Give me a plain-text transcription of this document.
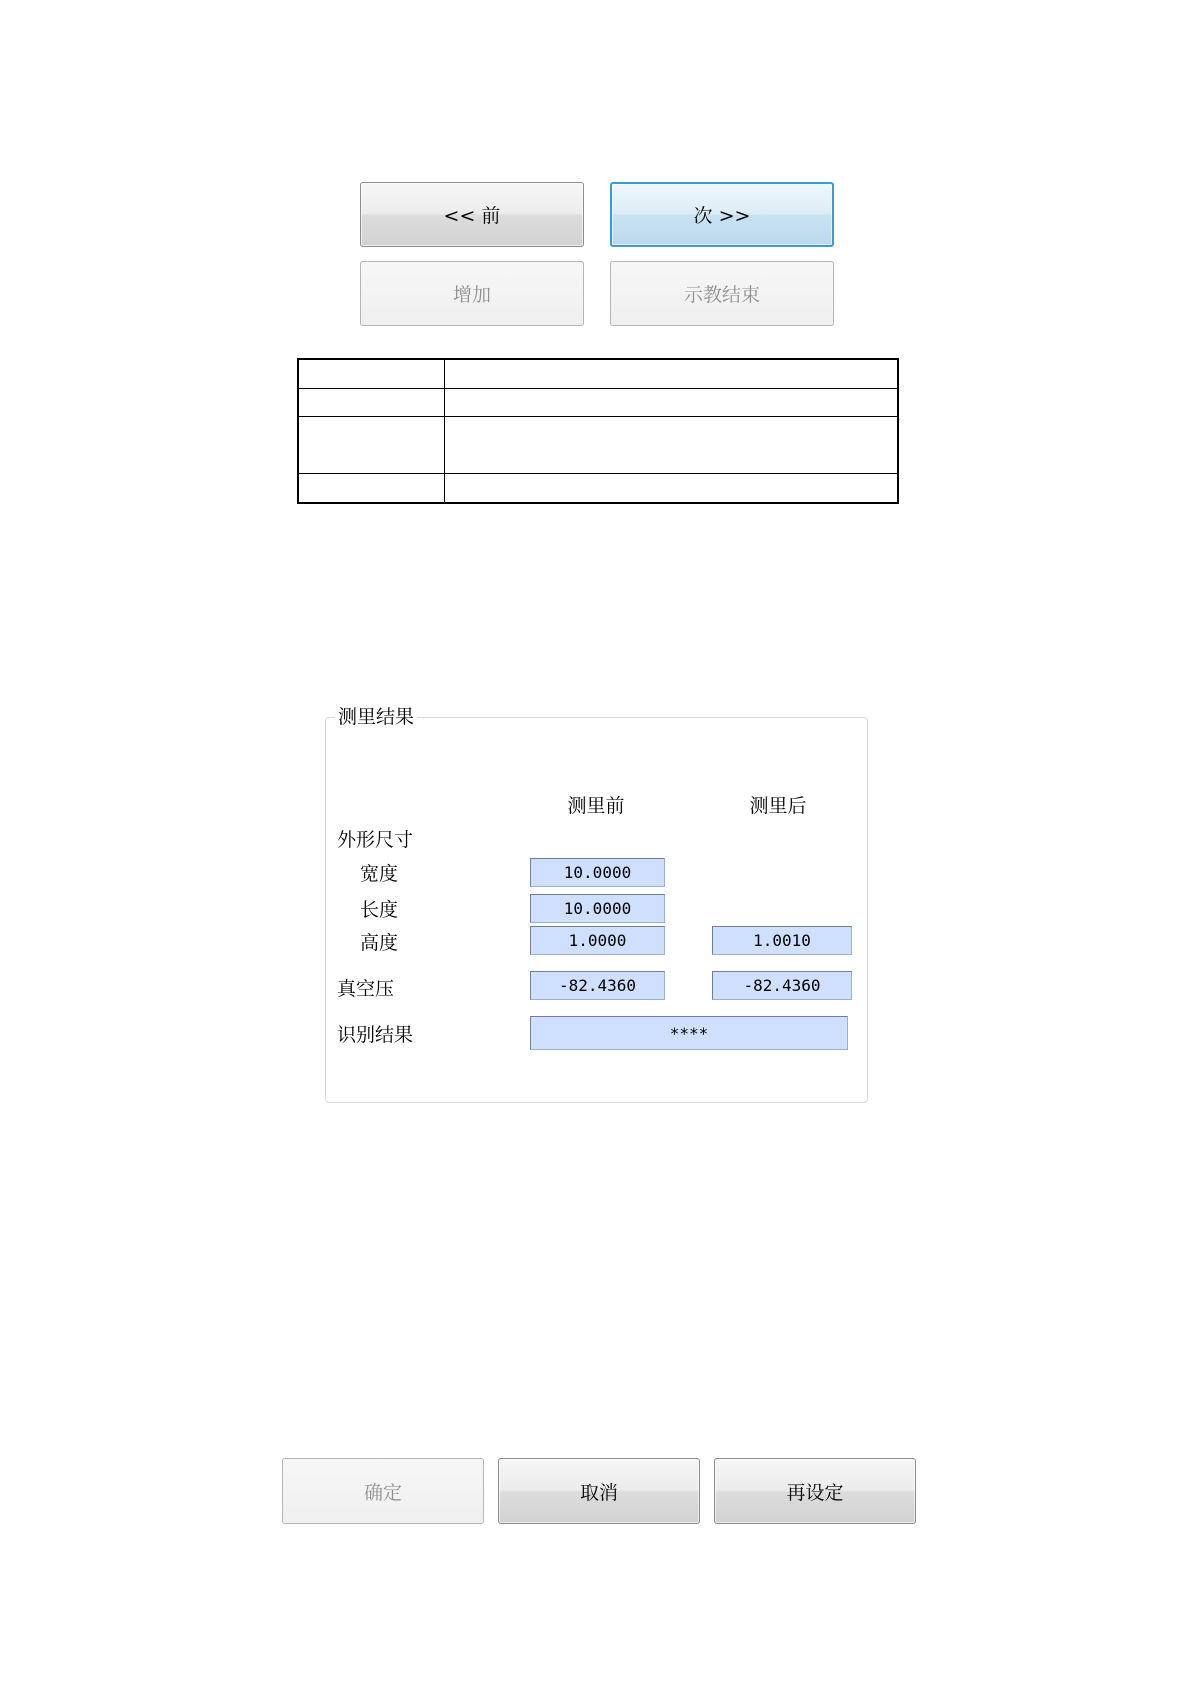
<< 前	次 >>
增加	示教结束

测里结果
测里前	测里后
外形尺寸
宽度	10.0000
长度	10.0000
高度	1.0000	1.0010
真空压	-82.4360	-82.4360
识别结果	****
确定	取消	再设定
